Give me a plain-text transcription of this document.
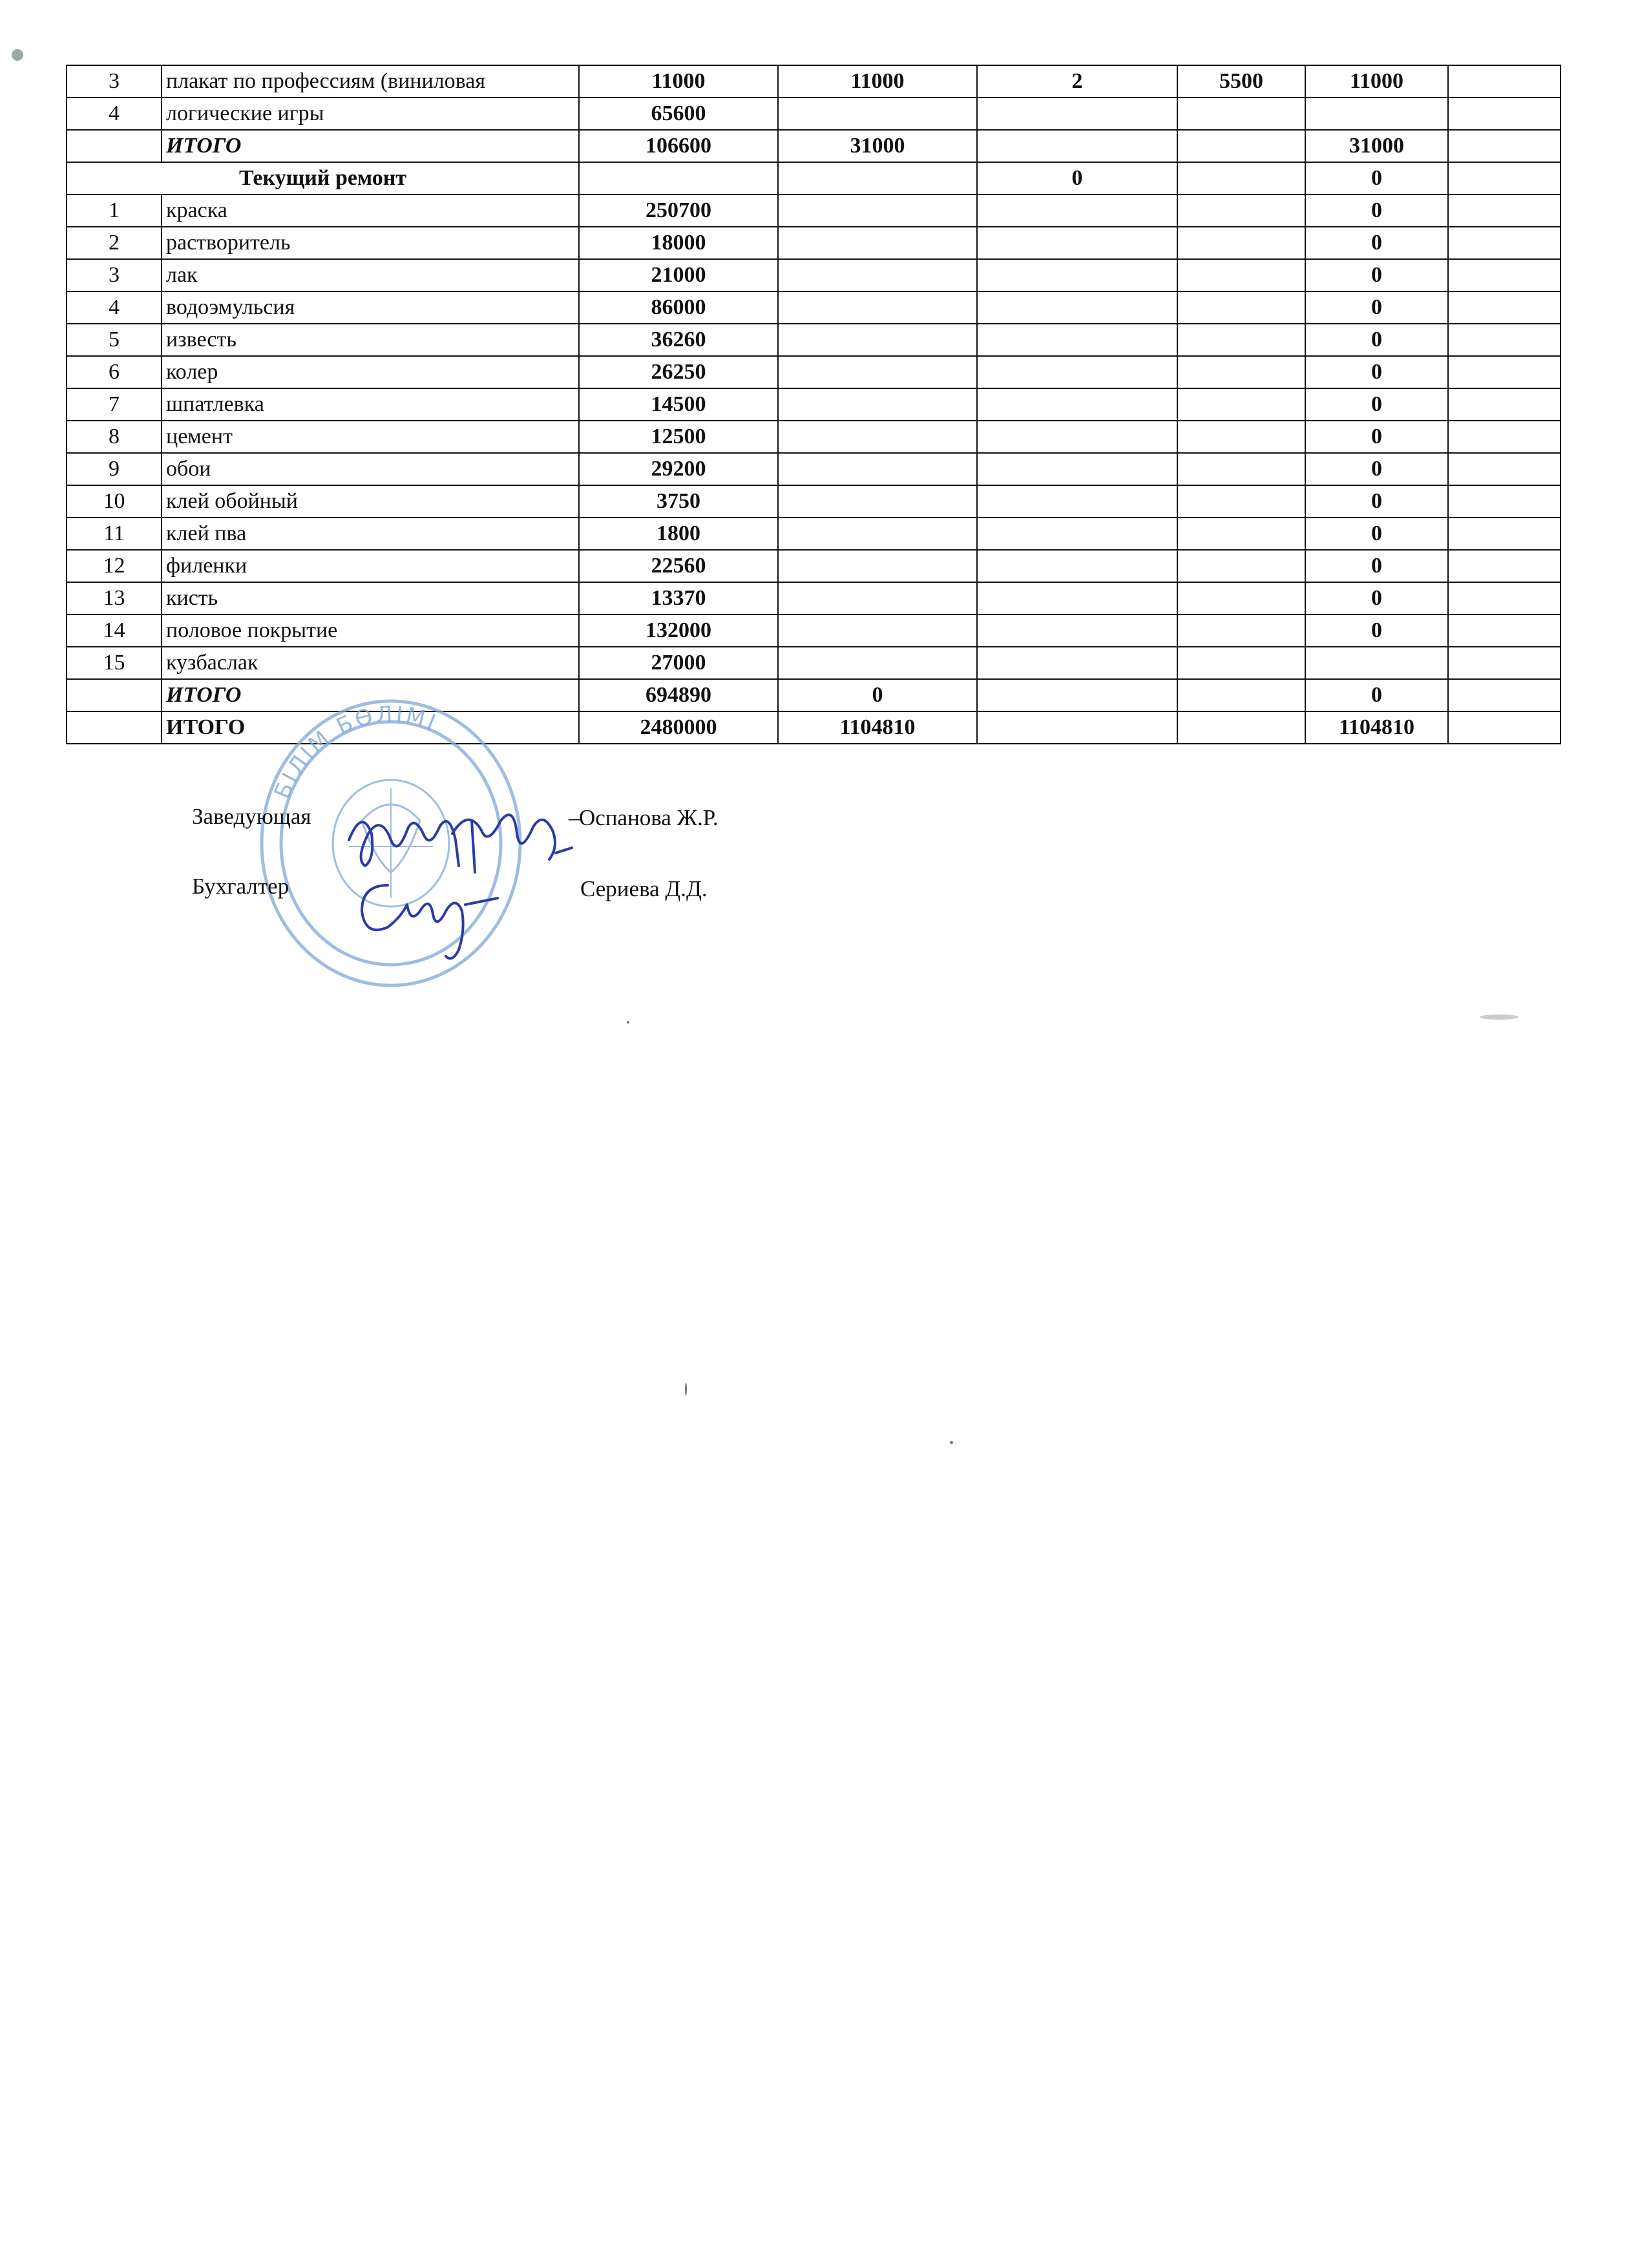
3	плакат по профессиям (виниловая	11000	11000	2	5500	11000	
4	логические игры	65600					
	ИТОГО	106600	31000			31000	
Текущий ремонт				0		0	
1	краска	250700				0	
2	растворитель	18000				0	
3	лак	21000				0	
4	водоэмульсия	86000				0	
5	известь	36260				0	
6	колер	26250				0	
7	шпатлевка	14500				0	
8	цемент	12500				0	
9	обои	29200				0	
10	клей обойный	3750				0	
11	клей пва	1800				0	
12	филенки	22560				0	
13	кисть	13370				0	
14	половое покрытие	132000				0	
15	кузбаслак	27000					
	ИТОГО	694890	0			0	
	ИТОГО	2480000	1104810			1104810	
БІЛІМ БӨЛІМІ
Заведующая	–
Оспанова Ж.Р.
Бухгалтер	Сериева Д.Д.
